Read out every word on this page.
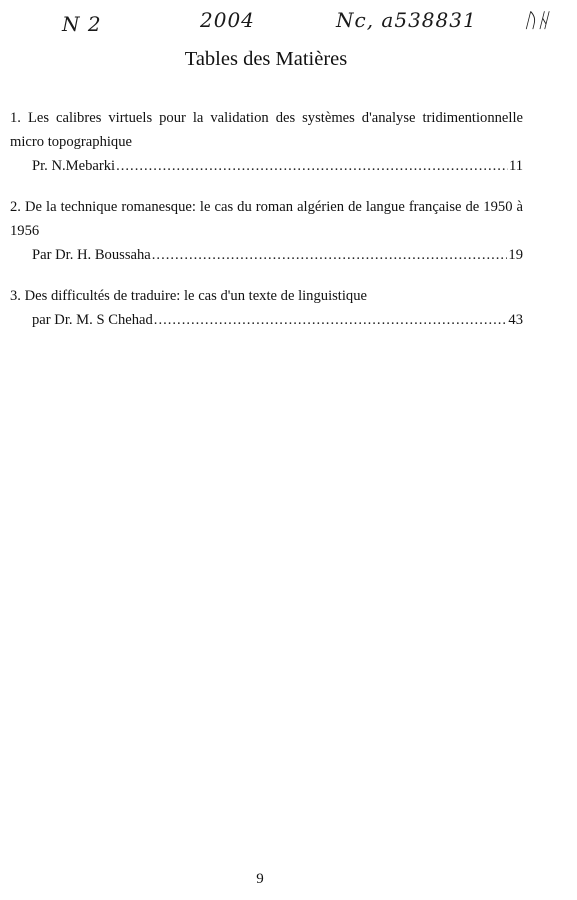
N 2	2004	Nc, a538831 ᚢᚺ
Tables des Matières
1. Les calibres virtuels pour la validation des systèmes d'analyse tridimentionnelle micro topographique
Pr. N.Mebarki .....	11
2. De la technique romanesque: le cas du roman algérien de langue française de 1950 à 1956
Par Dr. H. Boussaha .....	19
3. Des difficultés de traduire: le cas d'un texte de linguistique
par Dr. M. S Chehad .....	43
9
